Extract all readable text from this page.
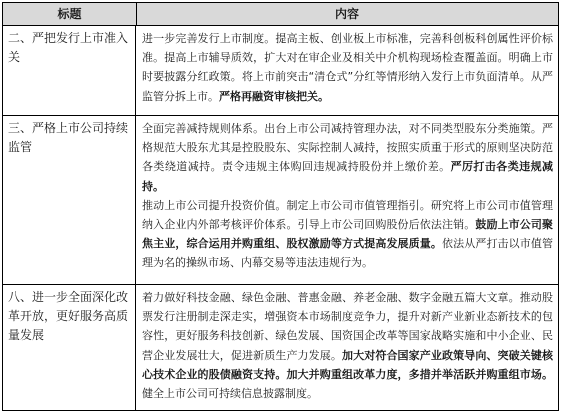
标题	内容
二、严把发行上市准入关

进一步完善发行上市制度。提高主板、创业板上市标准，完善科创板科创属性评价标准。提高上市辅导质效，扩大对在审企业及相关中介机构现场检查覆盖面。明确上市时要披露分红政策。将上市前突击“清仓式”分红等情形纳入发行上市负面清单。从严监管分拆上市。严格再融资审核把关。

三、严格上市公司持续监管

全面完善减持规则体系。出台上市公司减持管理办法，对不同类型股东分类施策。严格规范大股东尤其是控股股东、实际控制人减持，按照实质重于形式的原则坚决防范各类绕道减持。责令违规主体购回违规减持股份并上缴价差。严厉打击各类违规减持。

推动上市公司提升投资价值。制定上市公司市值管理指引。研究将上市公司市值管理纳入企业内外部考核评价体系。引导上市公司回购股份后依法注销。鼓励上市公司聚焦主业，综合运用并购重组、股权激励等方式提高发展质量。依法从严打击以市值管理为名的操纵市场、内幕交易等违法违规行为。

八、进一步全面深化改革开放，更好服务高质量发展

着力做好科技金融、绿色金融、普惠金融、养老金融、数字金融五篇大文章。推动股票发行注册制走深走实，增强资本市场制度竞争力，提升对新产业新业态新技术的包容性，更好服务科技创新、绿色发展、国资国企改革等国家战略实施和中小企业、民营企业发展壮大，促进新质生产力发展。加大对符合国家产业政策导向、突破关键核心技术企业的股债融资支持。加大并购重组改革力度，多措并举活跃并购重组市场。健全上市公司可持续信息披露制度。
